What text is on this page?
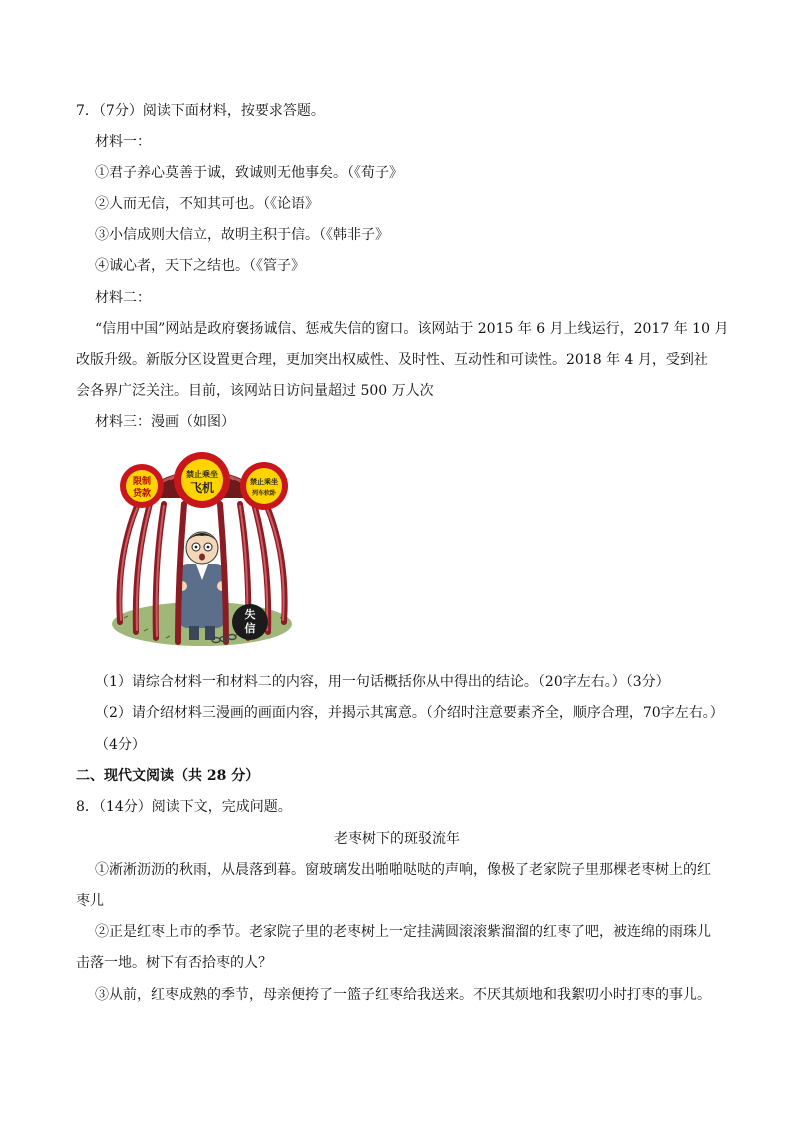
7．（7分）阅读下面材料，按要求答题。
材料一：
①君子养心莫善于诚，致诚则无他事矣。（《荀子》
②人而无信，不知其可也。（《论语》
③小信成则大信立，故明主积于信。（《韩非子》
④诚心者，天下之结也。（《管子》
材料二：
“信用中国”网站是政府褒扬诚信、惩戒失信的窗口。该网站于 2015 年 6 月上线运行，2017 年 10 月
改版升级。新版分区设置更合理，更加突出权威性、及时性、互动性和可读性。2018 年 4 月，受到社
会各界广泛关注。目前，该网站日访问量超过 500 万人次
材料三：漫画（如图）
失
信
限制
贷款
禁止乘坐
飞机	禁止乘坐
列车软卧
（1）请综合材料一和材料二的内容，用一句话概括你从中得出的结论。（20字左右。）（3分）
（2）请介绍材料三漫画的画面内容，并揭示其寓意。（介绍时注意要素齐全，顺序合理，70字左右。）
（4分）
二、现代文阅读（共 28 分）
8．（14分）阅读下文，完成问题。
老枣树下的斑驳流年
①淅淅沥沥的秋雨，从晨落到暮。窗玻璃发出啪啪哒哒的声响，像极了老家院子里那棵老枣树上的红
枣儿
②正是红枣上市的季节。老家院子里的老枣树上一定挂满圆滚滚紫溜溜的红枣了吧，被连绵的雨珠儿
击落一地。树下有否拾枣的人？
③从前，红枣成熟的季节，母亲便挎了一篮子红枣给我送来。不厌其烦地和我絮叨小时打枣的事儿。
